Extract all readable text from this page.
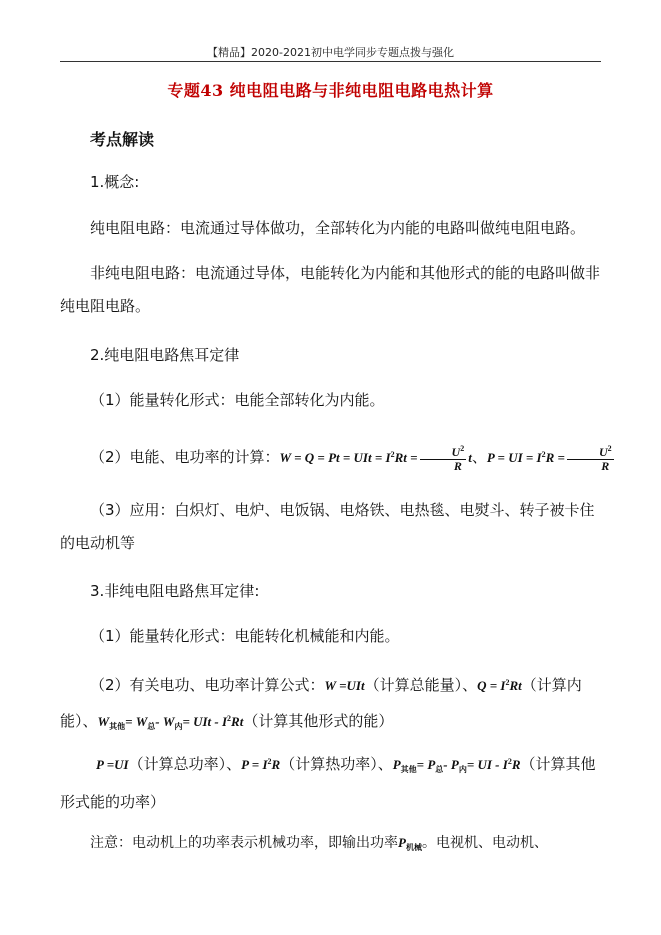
【精品】2020-2021初中电学同步专题点拨与强化
专题43 纯电阻电路与非纯电阻电路电热计算
考点解读
1.概念:
纯电阻电路：电流通过导体做功，全部转化为内能的电路叫做纯电阻电路。
非纯电阻电路：电流通过导体，电能转化为内能和其他形式的能的电路叫做非纯电阻电路。
2.纯电阻电路焦耳定律
（1）能量转化形式：电能全部转化为内能。
（2）电能、电功率的计算：W = Q = Pt = UIt = $I^2Rt = \frac{U^2}{R}$ t、P = UI = $I^2R = \frac{U^2}{R}$
（3）应用：白炽灯、电炉、电饭锅、电烙铁、电热毯、电熨斗、转子被卡住的电动机等
3.非纯电阻电路焦耳定律:
（1）能量转化形式：电能转化机械能和内能。
（2）有关电功、电功率计算公式：W =UIt（计算总能量）、$Q = I^2Rt$（计算内能）、$W_{其他}= W_总-$ $W_内=$ UIt - $I^2Rt$（计算其他形式的能）
P =UI（计算总功率）、$P = I^2R$（计算热功率）、$P_{其他}= P_总-$ $P_内=$ UI - $I^2R$（计算其他形式能的功率）
注意：电动机上的功率表示机械功率，即输出功率$P_{机械}$。电视机、电动机、
